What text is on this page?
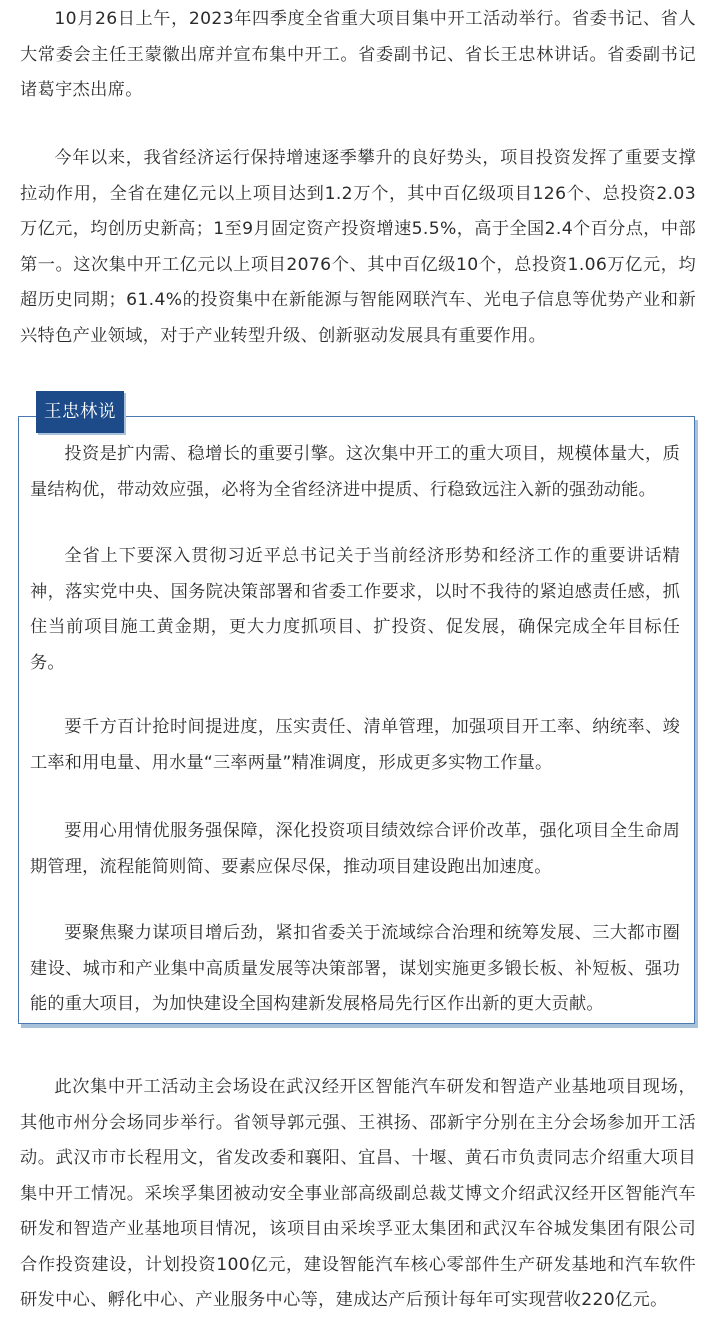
10月26日上午，2023年四季度全省重大项目集中开工活动举行。省委书记、省人大常委会主任王蒙徽出席并宣布集中开工。省委副书记、省长王忠林讲话。省委副书记诸葛宇杰出席。

今年以来，我省经济运行保持增速逐季攀升的良好势头，项目投资发挥了重要支撑拉动作用，全省在建亿元以上项目达到1.2万个，其中百亿级项目126个、总投资2.03万亿元，均创历史新高；1至9月固定资产投资增速5.5%，高于全国2.4个百分点，中部第一。这次集中开工亿元以上项目2076个、其中百亿级10个，总投资1.06万亿元，均超历史同期；61.4%的投资集中在新能源与智能网联汽车、光电子信息等优势产业和新兴特色产业领域，对于产业转型升级、创新驱动发展具有重要作用。

王忠林说

投资是扩内需、稳增长的重要引擎。这次集中开工的重大项目，规模体量大，质量结构优，带动效应强，必将为全省经济进中提质、行稳致远注入新的强劲动能。

全省上下要深入贯彻习近平总书记关于当前经济形势和经济工作的重要讲话精神，落实党中央、国务院决策部署和省委工作要求，以时不我待的紧迫感责任感，抓住当前项目施工黄金期，更大力度抓项目、扩投资、促发展，确保完成全年目标任务。

要千方百计抢时间提进度，压实责任、清单管理，加强项目开工率、纳统率、竣工率和用电量、用水量“三率两量”精准调度，形成更多实物工作量。

要用心用情优服务强保障，深化投资项目绩效综合评价改革，强化项目全生命周期管理，流程能简则简、要素应保尽保，推动项目建设跑出加速度。

要聚焦聚力谋项目增后劲，紧扣省委关于流域综合治理和统筹发展、三大都市圈建设、城市和产业集中高质量发展等决策部署，谋划实施更多锻长板、补短板、强功能的重大项目，为加快建设全国构建新发展格局先行区作出新的更大贡献。

此次集中开工活动主会场设在武汉经开区智能汽车研发和智造产业基地项目现场，其他市州分会场同步举行。省领导郭元强、王祺扬、邵新宇分别在主分会场参加开工活动。武汉市市长程用文，省发改委和襄阳、宜昌、十堰、黄石市负责同志介绍重大项目集中开工情况。采埃孚集团被动安全事业部高级副总裁艾博文介绍武汉经开区智能汽车研发和智造产业基地项目情况，该项目由采埃孚亚太集团和武汉车谷城发集团有限公司合作投资建设，计划投资100亿元，建设智能汽车核心零部件生产研发基地和汽车软件研发中心、孵化中心、产业服务中心等，建成达产后预计每年可实现营收220亿元。
